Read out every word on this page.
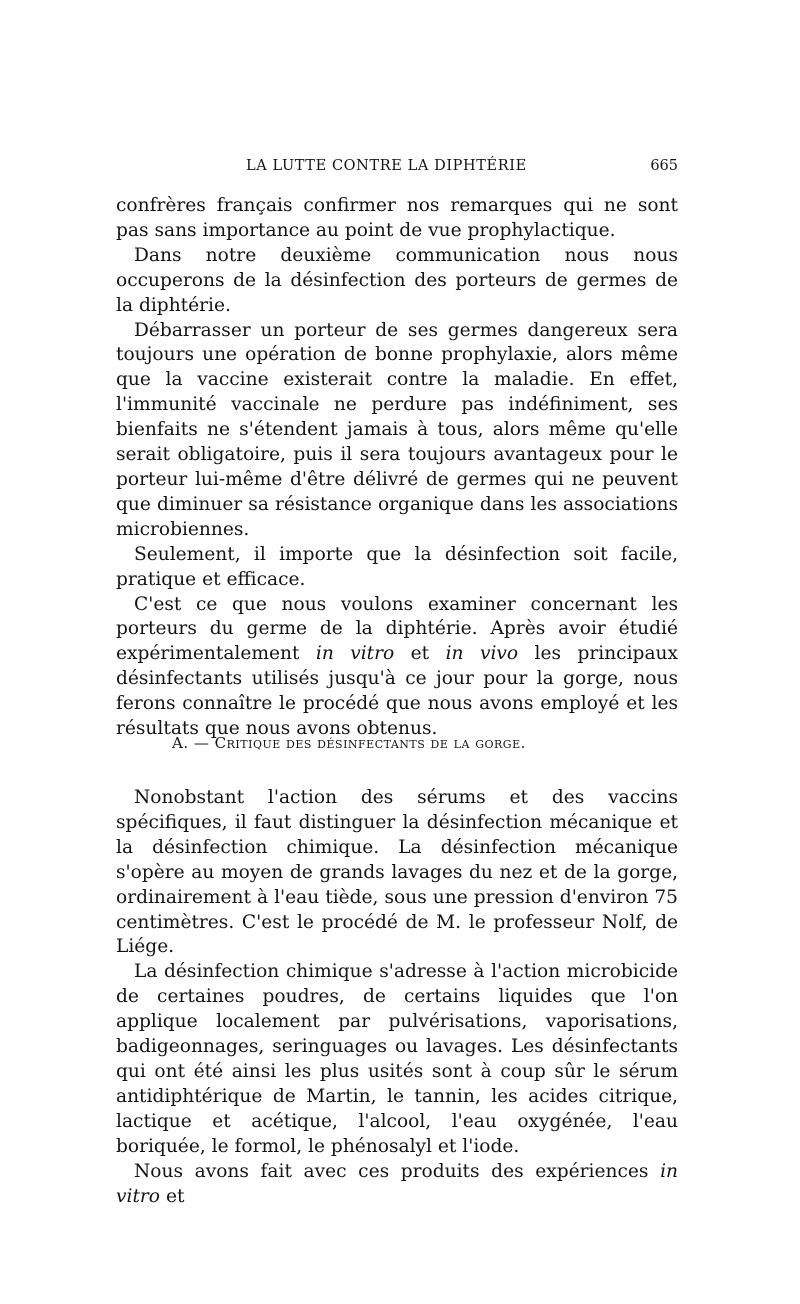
LA LUTTE CONTRE LA DIPHTÉRIE	665

confrères français confirmer nos remarques qui ne sont pas sans importance au point de vue prophylactique.

Dans notre deuxième communication nous nous occuperons de la désinfection des porteurs de germes de la diphtérie.

Débarrasser un porteur de ses germes dangereux sera toujours une opération de bonne prophylaxie, alors même que la vaccine existerait contre la maladie. En effet, l'immunité vaccinale ne perdure pas indéfiniment, ses bienfaits ne s'étendent jamais à tous, alors même qu'elle serait obligatoire, puis il sera toujours avantageux pour le porteur lui-même d'être délivré de germes qui ne peuvent que diminuer sa résistance organique dans les associations microbiennes.

Seulement, il importe que la désinfection soit facile, pratique et efficace.

C'est ce que nous voulons examiner concernant les porteurs du germe de la diphtérie. Après avoir étudié expérimentalement in vitro et in vivo les principaux désinfectants utilisés jusqu'à ce jour pour la gorge, nous ferons connaître le procédé que nous avons employé et les résultats que nous avons obtenus.

A. — Critique des désinfectants de la gorge.

Nonobstant l'action des sérums et des vaccins spécifiques, il faut distinguer la désinfection mécanique et la désinfection chimique. La désinfection mécanique s'opère au moyen de grands lavages du nez et de la gorge, ordinairement à l'eau tiède, sous une pression d'environ 75 centimètres. C'est le procédé de M. le professeur Nolf, de Liége.

La désinfection chimique s'adresse à l'action microbicide de certaines poudres, de certains liquides que l'on applique localement par pulvérisations, vaporisations, badigeonnages, seringuages ou lavages. Les désinfectants qui ont été ainsi les plus usités sont à coup sûr le sérum antidiphtérique de Martin, le tannin, les acides citrique, lactique et acétique, l'alcool, l'eau oxygénée, l'eau boriquée, le formol, le phénosalyl et l'iode.

Nous avons fait avec ces produits des expériences in vitro et
